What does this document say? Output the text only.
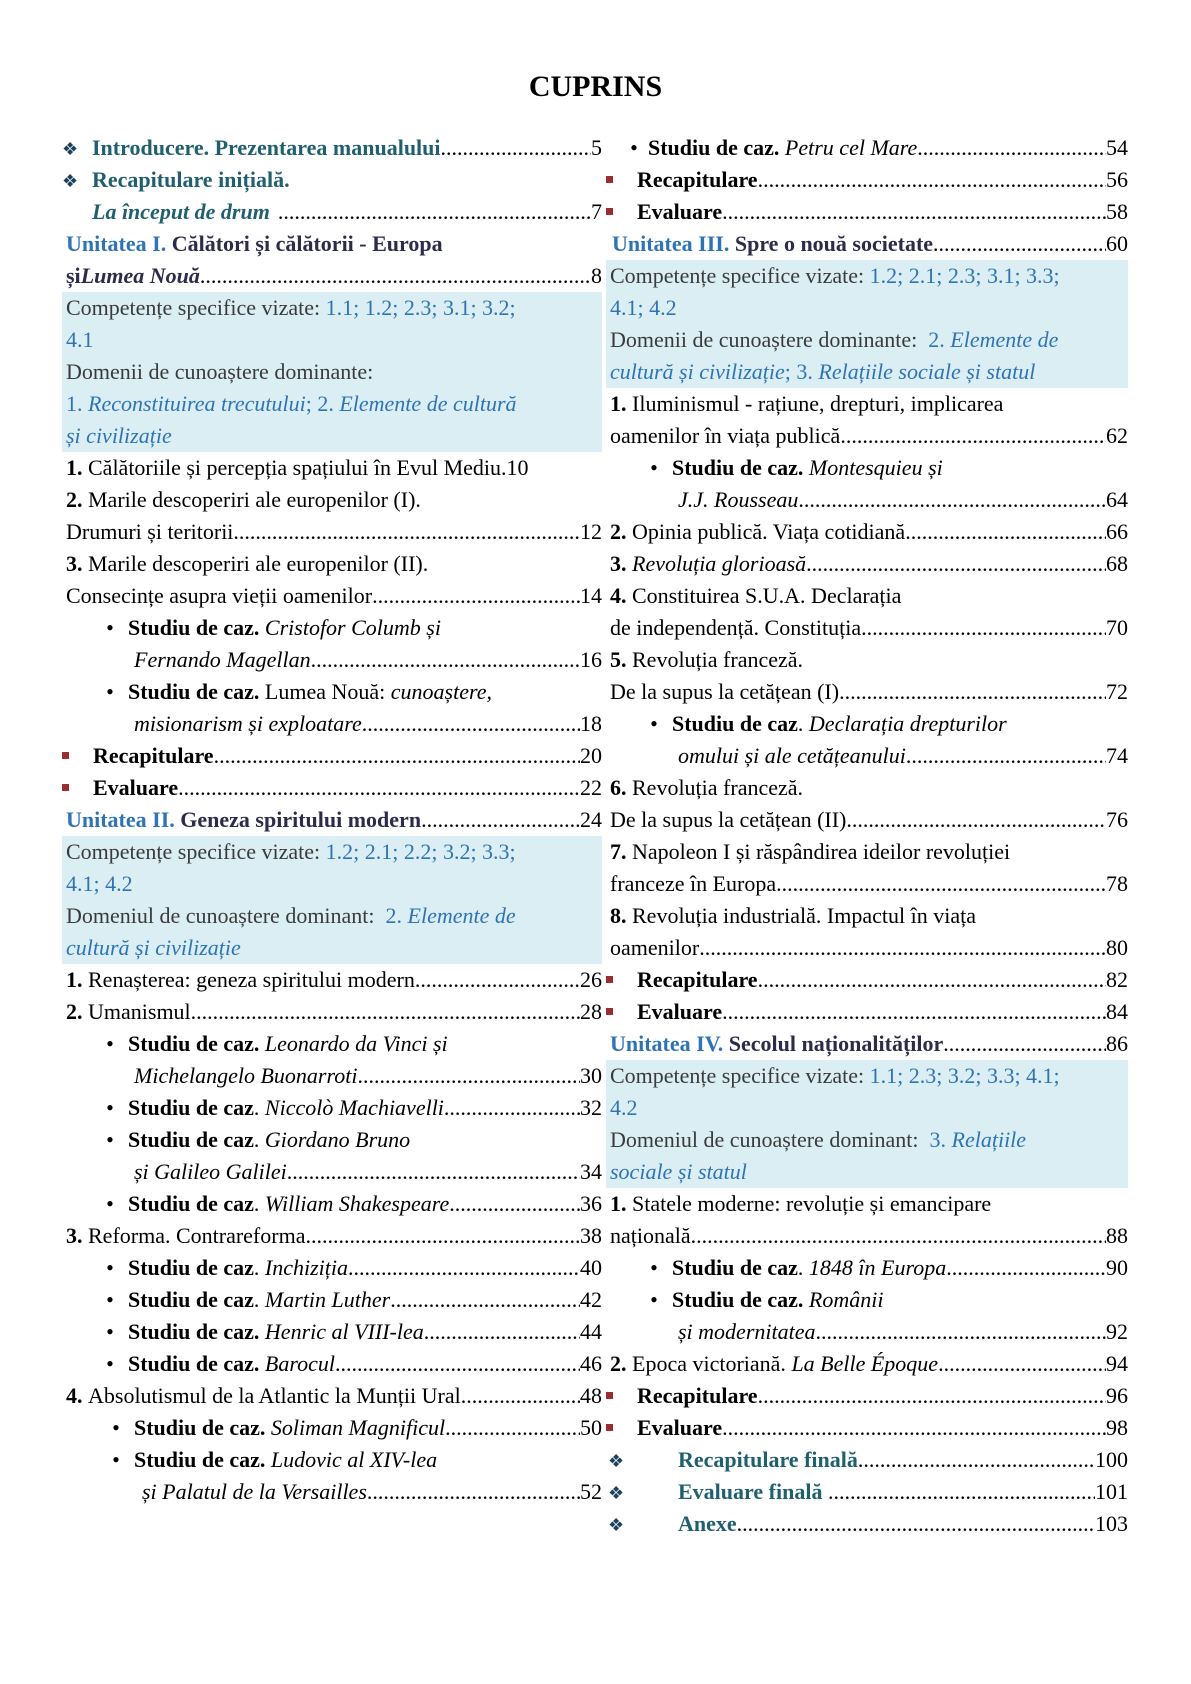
CUPRINS
❖ Introducere. Prezentarea manualului .....	5
❖ Recapitulare inițială.
La început de drum .....	7
Unitatea I.
Călători și călătorii - Europa
și Lumea Nouă .....	8
Competențe specifice vizate: 1.1; 1.2; 2.3; 3.1; 3.2;
4.1
Domenii de cunoaștere dominante:
1. Reconstituirea trecutului; 2. Elemente de cultură
și civilizație
1.
Călătoriile și percepția spațiului în Evul Mediu. 10
2.
Marile descoperiri ale europenilor (I).
Drumuri și teritorii .....	12
3.
Marile descoperiri ale europenilor (II).
Consecințe asupra vieții oamenilor .....	14
• Studiu de caz.
Cristofor Columb și
Fernando Magellan .....	16
• Studiu de caz. Lumea Nouă: cunoaștere,
misionarism și exploatare .....	18
Recapitulare .....	20
Evaluare .....	22
Unitatea II.
Geneza spiritului modern .....	24
Competențe specifice vizate: 1.2; 2.1; 2.2; 3.2; 3.3;
4.1; 4.2
Domeniul de cunoaștere dominant:  2. Elemente de
cultură și civilizație
1.
Renașterea: geneza spiritului modern .....	26
2.
Umanismul .....	28
• Studiu de caz.
Leonardo da Vinci și
Michelangelo Buonarroti .....	30
• Studiu de caz . Niccolò Machiavelli .....	32
• Studiu de caz . Giordano Bruno
și Galileo Galilei .....	34
• Studiu de caz . William Shakespeare .....	36
3.
Reforma. Contrareforma .....	38
• Studiu de caz . Inchiziția .....	40
• Studiu de caz . Martin Luther .....	42
• Studiu de caz.
Henric al VIII-lea .....	44
• Studiu de caz.
Barocul .....	46
4.
Absolutismul de la Atlantic la Munții Ural .....	48
• Studiu de caz.
Soliman Magnificul .....	50
• Studiu de caz.
Ludovic al XIV-lea
și Palatul de la Versailles .....	52
• Studiu de caz.
Petru cel Mare .....	54
Recapitulare .....	56
Evaluare .....	58
Unitatea III.
Spre o nouă societate .....	60
Competențe specifice vizate: 1.2; 2.1; 2.3; 3.1; 3.3;
4.1; 4.2
Domenii de cunoaștere dominante:  2. Elemente de
cultură și civilizație; 3. Relațiile sociale și statul
1.
Iluminismul - rațiune, drepturi, implicarea
oamenilor în viața publică .....	62
• Studiu de caz.
Montesquieu și
J.J. Rousseau .....	64
2.
Opinia publică. Viața cotidiană .....	66
3.
Revoluția glorioasă .....	68
4.
Constituirea S.U.A. Declarația
de independență. Constituția .....	70
5.
Revoluția franceză.
De la supus la cetățean (I) .....	72
• Studiu de caz . Declarația drepturilor
omului și ale cetățeanului .....	74
6.
Revoluția franceză.
De la supus la cetățean (II) .....	76
7.
Napoleon I și răspândirea ideilor revoluției
franceze în Europa .....	78
8.
Revoluția industrială. Impactul în viața
oamenilor .....	80
Recapitulare .....	82
Evaluare .....	84
Unitatea IV.
Secolul naționalităților .....	86
Competențe specifice vizate: 1.1; 2.3; 3.2; 3.3; 4.1;
4.2
Domeniul de cunoaștere dominant:  3. Relațiile
sociale și statul
1.
Statele moderne: revoluție și emancipare
națională .....	88
• Studiu de caz . 1848 în Europa .....	90
• Studiu de caz.
Românii
și modernitatea .....	92
2.
Epoca victoriană. La Belle Époque .....	94
Recapitulare .....	96
Evaluare .....	98
❖	Recapitulare finală .....	100
❖	Evaluare finală .....	101
❖	Anexe .....	103
